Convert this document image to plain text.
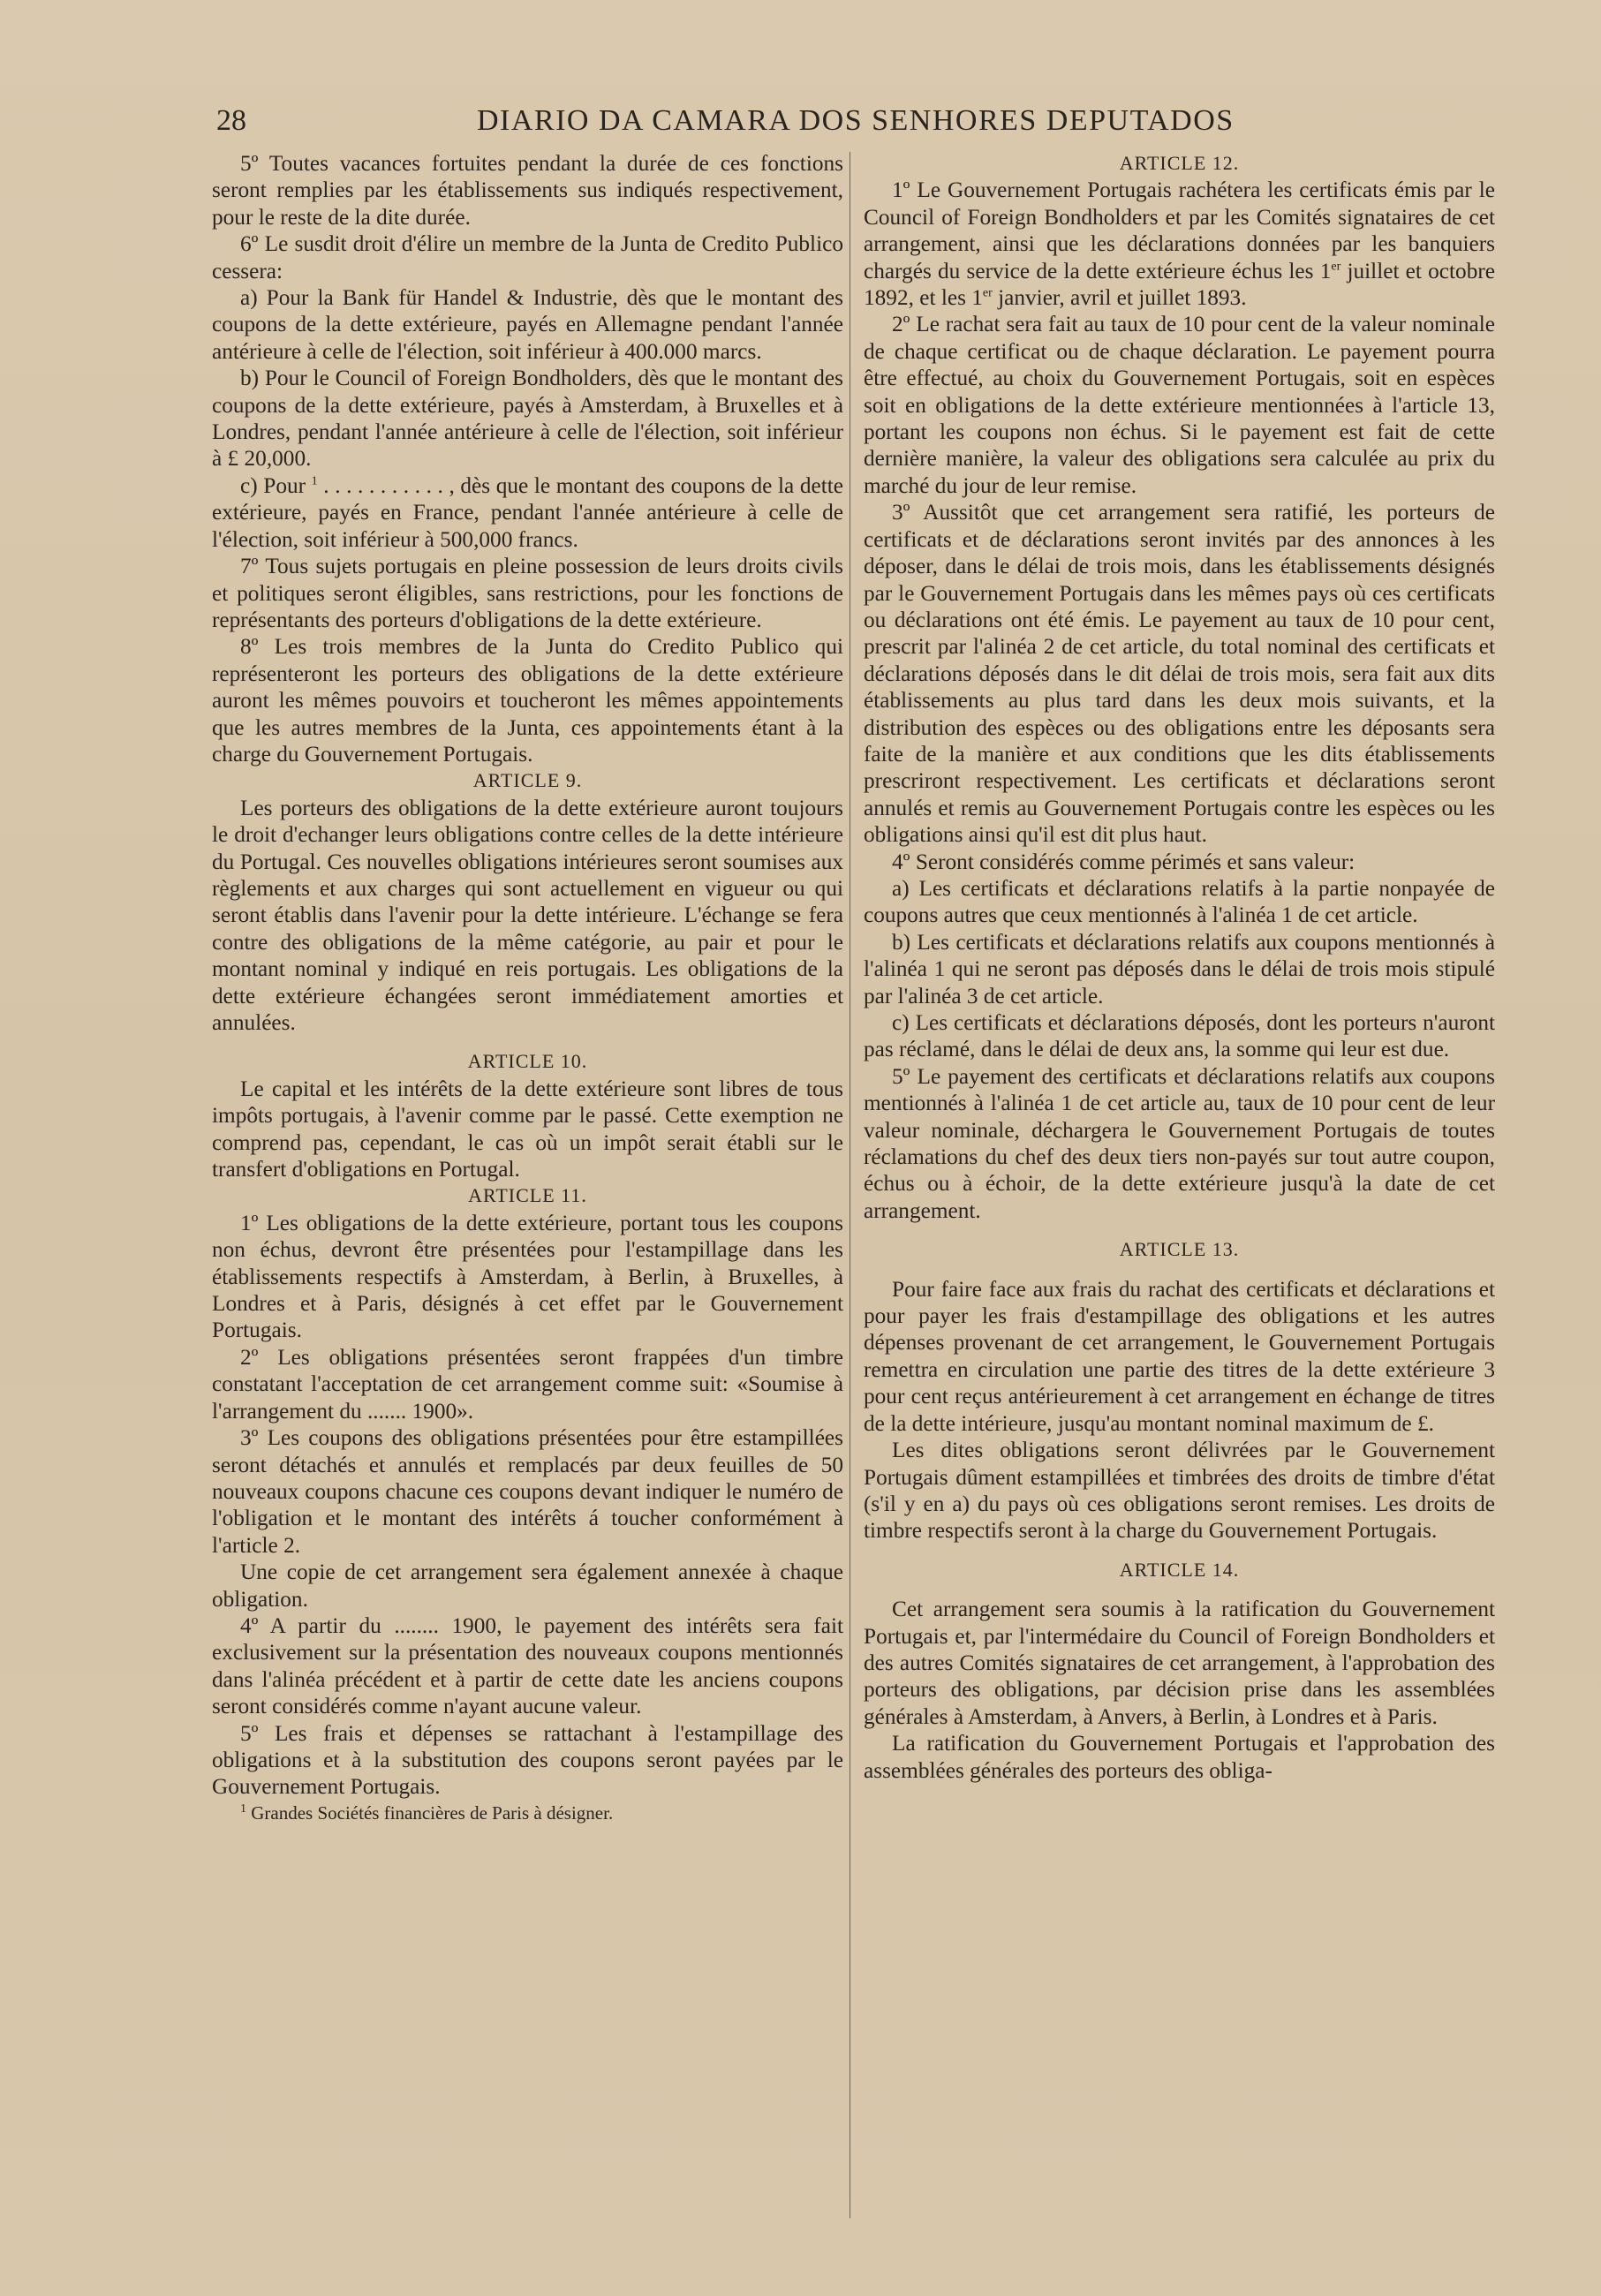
28	DIARIO DA CAMARA DOS SENHORES DEPUTADOS

5º Toutes vacances fortuites pendant la durée de ces fonctions seront remplies par les établissements sus indiqués respectivement, pour le reste de la dite durée.

6º Le susdit droit d'élire un membre de la Junta de Credito Publico cessera:

a) Pour la Bank für Handel & Industrie, dès que le montant des coupons de la dette extérieure, payés en Allemagne pendant l'année antérieure à celle de l'élection, soit inférieur à 400.000 marcs.

b) Pour le Council of Foreign Bondholders, dès que le montant des coupons de la dette extérieure, payés à Amsterdam, à Bruxelles et à Londres, pendant l'année antérieure à celle de l'élection, soit inférieur à £ 20,000.

c) Pour $^1$ . . . . . . . . . . . , dès que le montant des coupons de la dette extérieure, payés en France, pendant l'année antérieure à celle de l'élection, soit inférieur à 500,000 francs.

7º Tous sujets portugais en pleine possession de leurs droits civils et politiques seront éligibles, sans restrictions, pour les fonctions de représentants des porteurs d'obligations de la dette extérieure.

8º Les trois membres de la Junta do Credito Publico qui représenteront les porteurs des obligations de la dette extérieure auront les mêmes pouvoirs et toucheront les mêmes appointements que les autres membres de la Junta, ces appointements étant à la charge du Gouvernement Portugais.

ARTICLE 9.

Les porteurs des obligations de la dette extérieure auront toujours le droit d'echanger leurs obligations contre celles de la dette intérieure du Portugal. Ces nouvelles obligations intérieures seront soumises aux règlements et aux charges qui sont actuellement en vigueur ou qui seront établis dans l'avenir pour la dette intérieure. L'échange se fera contre des obligations de la même catégorie, au pair et pour le montant nominal y indiqué en reis portugais. Les obligations de la dette extérieure échangées seront immédiatement amorties et annulées.

ARTICLE 10.

Le capital et les intérêts de la dette extérieure sont libres de tous impôts portugais, à l'avenir comme par le passé. Cette exemption ne comprend pas, cependant, le cas où un impôt serait établi sur le transfert d'obligations en Portugal.

ARTICLE 11.

1º Les obligations de la dette extérieure, portant tous les coupons non échus, devront être présentées pour l'estampillage dans les établissements respectifs à Amsterdam, à Berlin, à Bruxelles, à Londres et à Paris, désignés à cet effet par le Gouvernement Portugais.

2º Les obligations présentées seront frappées d'un timbre constatant l'acceptation de cet arrangement comme suit: «Soumise à l'arrangement du ....... 1900».

3º Les coupons des obligations présentées pour être estampillées seront détachés et annulés et remplacés par deux feuilles de 50 nouveaux coupons chacune ces coupons devant indiquer le numéro de l'obligation et le montant des intérêts á toucher conformément à l'article 2.

Une copie de cet arrangement sera également annexée à chaque obligation.

4º A partir du ........ 1900, le payement des intérêts sera fait exclusivement sur la présentation des nouveaux coupons mentionnés dans l'alinéa précédent et à partir de cette date les anciens coupons seront considérés comme n'ayant aucune valeur.

5º Les frais et dépenses se rattachant à l'estampillage des obligations et à la substitution des coupons seront payées par le Gouvernement Portugais.

$^1$ Grandes Sociétés financières de Paris à désigner.

ARTICLE 12.

1º Le Gouvernement Portugais rachétera les certificats émis par le Council of Foreign Bondholders et par les Comités signataires de cet arrangement, ainsi que les déclarations données par les banquiers chargés du service de la dette extérieure échus les 1er juillet et octobre 1892, et les 1er janvier, avril et juillet 1893.

2º Le rachat sera fait au taux de 10 pour cent de la valeur nominale de chaque certificat ou de chaque déclaration. Le payement pourra être effectué, au choix du Gouvernement Portugais, soit en espèces soit en obligations de la dette extérieure mentionnées à l'article 13, portant les coupons non échus. Si le payement est fait de cette dernière manière, la valeur des obligations sera calculée au prix du marché du jour de leur remise.

3º Aussitôt que cet arrangement sera ratifié, les porteurs de certificats et de déclarations seront invités par des annonces à les déposer, dans le délai de trois mois, dans les établissements désignés par le Gouvernement Portugais dans les mêmes pays où ces certificats ou déclarations ont été émis. Le payement au taux de 10 pour cent, prescrit par l'alinéa 2 de cet article, du total nominal des certificats et déclarations déposés dans le dit délai de trois mois, sera fait aux dits établissements au plus tard dans les deux mois suivants, et la distribution des espèces ou des obligations entre les déposants sera faite de la manière et aux conditions que les dits établissements prescriront respectivement. Les certificats et déclarations seront annulés et remis au Gouvernement Portugais contre les espèces ou les obligations ainsi qu'il est dit plus haut.

4º Seront considérés comme périmés et sans valeur:

a) Les certificats et déclarations relatifs à la partie nonpayée de coupons autres que ceux mentionnés à l'alinéa 1 de cet article.

b) Les certificats et déclarations relatifs aux coupons mentionnés à l'alinéa 1 qui ne seront pas déposés dans le délai de trois mois stipulé par l'alinéa 3 de cet article.

c) Les certificats et déclarations déposés, dont les porteurs n'auront pas réclamé, dans le délai de deux ans, la somme qui leur est due.

5º Le payement des certificats et déclarations relatifs aux coupons mentionnés à l'alinéa 1 de cet article au, taux de 10 pour cent de leur valeur nominale, déchargera le Gouvernement Portugais de toutes réclamations du chef des deux tiers non-payés sur tout autre coupon, échus ou à échoir, de la dette extérieure jusqu'à la date de cet arrangement.

ARTICLE 13.

Pour faire face aux frais du rachat des certificats et déclarations et pour payer les frais d'estampillage des obligations et les autres dépenses provenant de cet arrangement, le Gouvernement Portugais remettra en circulation une partie des titres de la dette extérieure 3 pour cent reçus antérieurement à cet arrangement en échange de titres de la dette intérieure, jusqu'au montant nominal maximum de £.

Les dites obligations seront délivrées par le Gouvernement Portugais dûment estampillées et timbrées des droits de timbre d'état (s'il y en a) du pays où ces obligations seront remises. Les droits de timbre respectifs seront à la charge du Gouvernement Portugais.

ARTICLE 14.

Cet arrangement sera soumis à la ratification du Gouvernement Portugais et, par l'intermédaire du Council of Foreign Bondholders et des autres Comités signataires de cet arrangement, à l'approbation des porteurs des obligations, par décision prise dans les assemblées générales à Amsterdam, à Anvers, à Berlin, à Londres et à Paris.

La ratification du Gouvernement Portugais et l'approbation des assemblées générales des porteurs des obliga-
